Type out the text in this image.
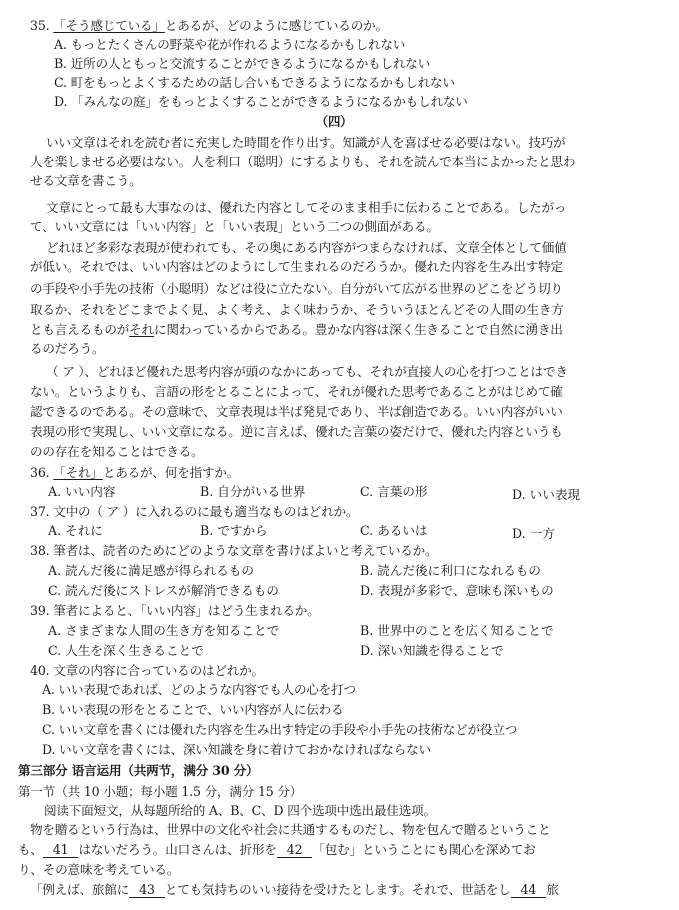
35. 「そう感じている」とあるが、どのように感じているのか。
A. もっとたくさんの野菜や花が作れるようになるかもしれない
B. 近所の人ともっと交流することができるようになるかもしれない
C. 町をもっとよくするための話し合いもできるようになるかもしれない
D. 「みんなの庭」をもっとよくすることができるようになるかもしれない
（四）
いい文章はそれを読む者に充実した時間を作り出す。知識が人を喜ばせる必要はない。技巧が
人を楽しませる必要はない。人を利口（聪明）にするよりも、それを読んで本当によかったと思わ
せる文章を書こう。
文章にとって最も大事なのは、優れた内容としてそのまま相手に伝わることである。したがっ
て、いい文章には「いい内容」と「いい表現」という二つの側面がある。
どれほど多彩な表現が使われても、その奥にある内容がつまらなければ、文章全体として価値
が低い。それでは、いい内容はどのようにして生まれるのだろうか。優れた内容を生み出す特定
の手段や小手先の技術（小聪明）などは役に立たない。自分がいて広がる世界のどこをどう切り
取るか、それをどこまでよく見、よく考え、よく味わうか、そういうほとんどその人間の生き方
とも言えるものがそれに関わっているからである。豊かな内容は深く生きることで自然に湧き出
るのだろう。
（ ア ）、どれほど優れた思考内容が頭のなかにあっても、それが直接人の心を打つことはでき
ない。というよりも、言語の形をとることによって、それが優れた思考であることがはじめて確
認できるのである。その意味で、文章表現は半ば発見であり、半ば創造である。いい内容がいい
表現の形で実現し、いい文章になる。逆に言えば、優れた言葉の姿だけで、優れた内容というも
のの存在を知ることはできる。
36. 「それ」とあるが、何を指すか。
A. いい内容	B. 自分がいる世界	C. 言葉の形	D. いい表現
37. 文中の（ ア ）に入れるのに最も適当なものはどれか。
A. それに	B. ですから	C. あるいは	D. 一方
38. 筆者は、読者のためにどのような文章を書けばよいと考えているか。
A. 読んだ後に満足感が得られるもの	B. 読んだ後に利口になれるもの
C. 読んだ後にストレスが解消できるもの	D. 表現が多彩で、意味も深いもの
39. 筆者によると、「いい内容」はどう生まれるか。
A. さまざまな人間の生き方を知ることで	B. 世界中のことを広く知ることで
C. 人生を深く生きることで	D. 深い知識を得ることで
40. 文章の内容に合っているのはどれか。
A. いい表現であれば、どのような内容でも人の心を打つ
B. いい表現の形をとることで、いい内容が人に伝わる
C. いい文章を書くには優れた内容を生み出す特定の手段や小手先の技術などが役立つ
D. いい文章を書くには、深い知識を身に着けておかなければならない
第三部分 语言运用（共两节，满分 30 分）
第一节（共 10 小题；每小题 1.5 分，满分 15 分）
阅读下面短文，从每题所给的 A、B、C、D 四个选项中选出最佳选项。
物を贈るという行為は、世界中の文化や社会に共通するものだし、物を包んで贈るということ
も、 41 はないだろう。山口さんは、折形を 42 「包む」ということにも関心を深めてお
り、その意味を考えている。
「例えば、旅館に 43 とても気持ちのいい接待を受けたとします。それで、世話をし 44 旅
